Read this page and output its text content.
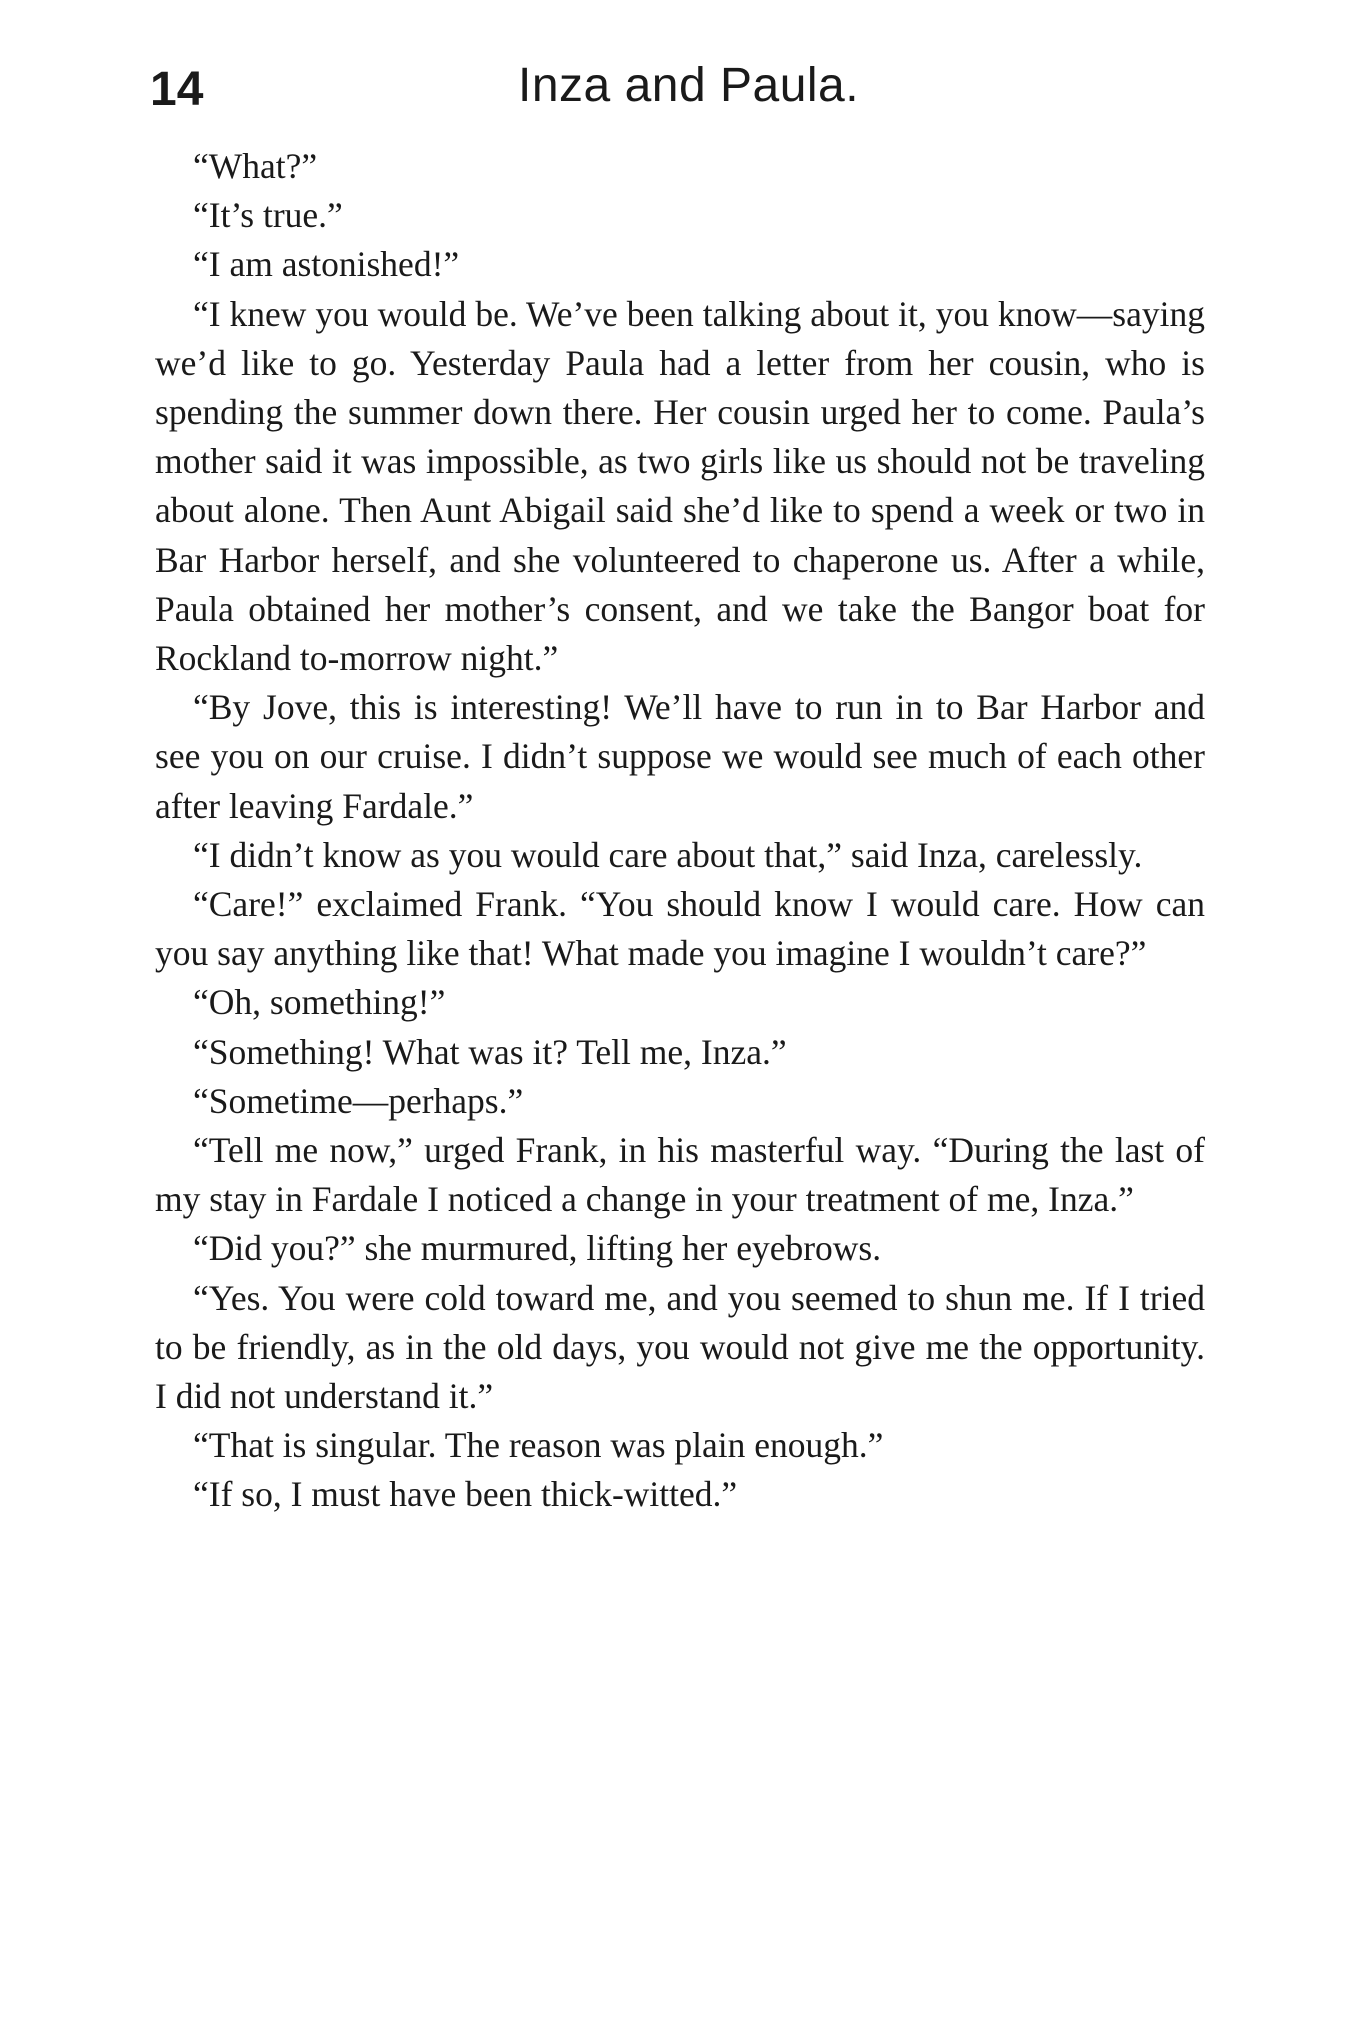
14	Inza and Paula.

“What?”

“It’s true.”

“I am astonished!”

“I knew you would be. We’ve been talking about it, you know—saying we’d like to go. Yesterday Paula had a letter from her cousin, who is spending the summer down there. Her cousin urged her to come. Paula’s mother said it was impossible, as two girls like us should not be traveling about alone. Then Aunt Abigail said she’d like to spend a week or two in Bar Harbor herself, and she volunteered to chaperone us. After a while, Paula obtained her mother’s consent, and we take the Bangor boat for Rockland to-morrow night.”

“By Jove, this is interesting! We’ll have to run in to Bar Harbor and see you on our cruise. I didn’t suppose we would see much of each other after leaving Fardale.”

“I didn’t know as you would care about that,” said Inza, carelessly.

“Care!” exclaimed Frank. “You should know I would care. How can you say anything like that! What made you imagine I wouldn’t care?”

“Oh, something!”

“Something! What was it? Tell me, Inza.”

“Sometime—perhaps.”

“Tell me now,” urged Frank, in his masterful way. “During the last of my stay in Fardale I noticed a change in your treatment of me, Inza.”

“Did you?” she murmured, lifting her eyebrows.

“Yes. You were cold toward me, and you seemed to shun me. If I tried to be friendly, as in the old days, you would not give me the opportunity. I did not understand it.”

“That is singular. The reason was plain enough.”

“If so, I must have been thick-witted.”
